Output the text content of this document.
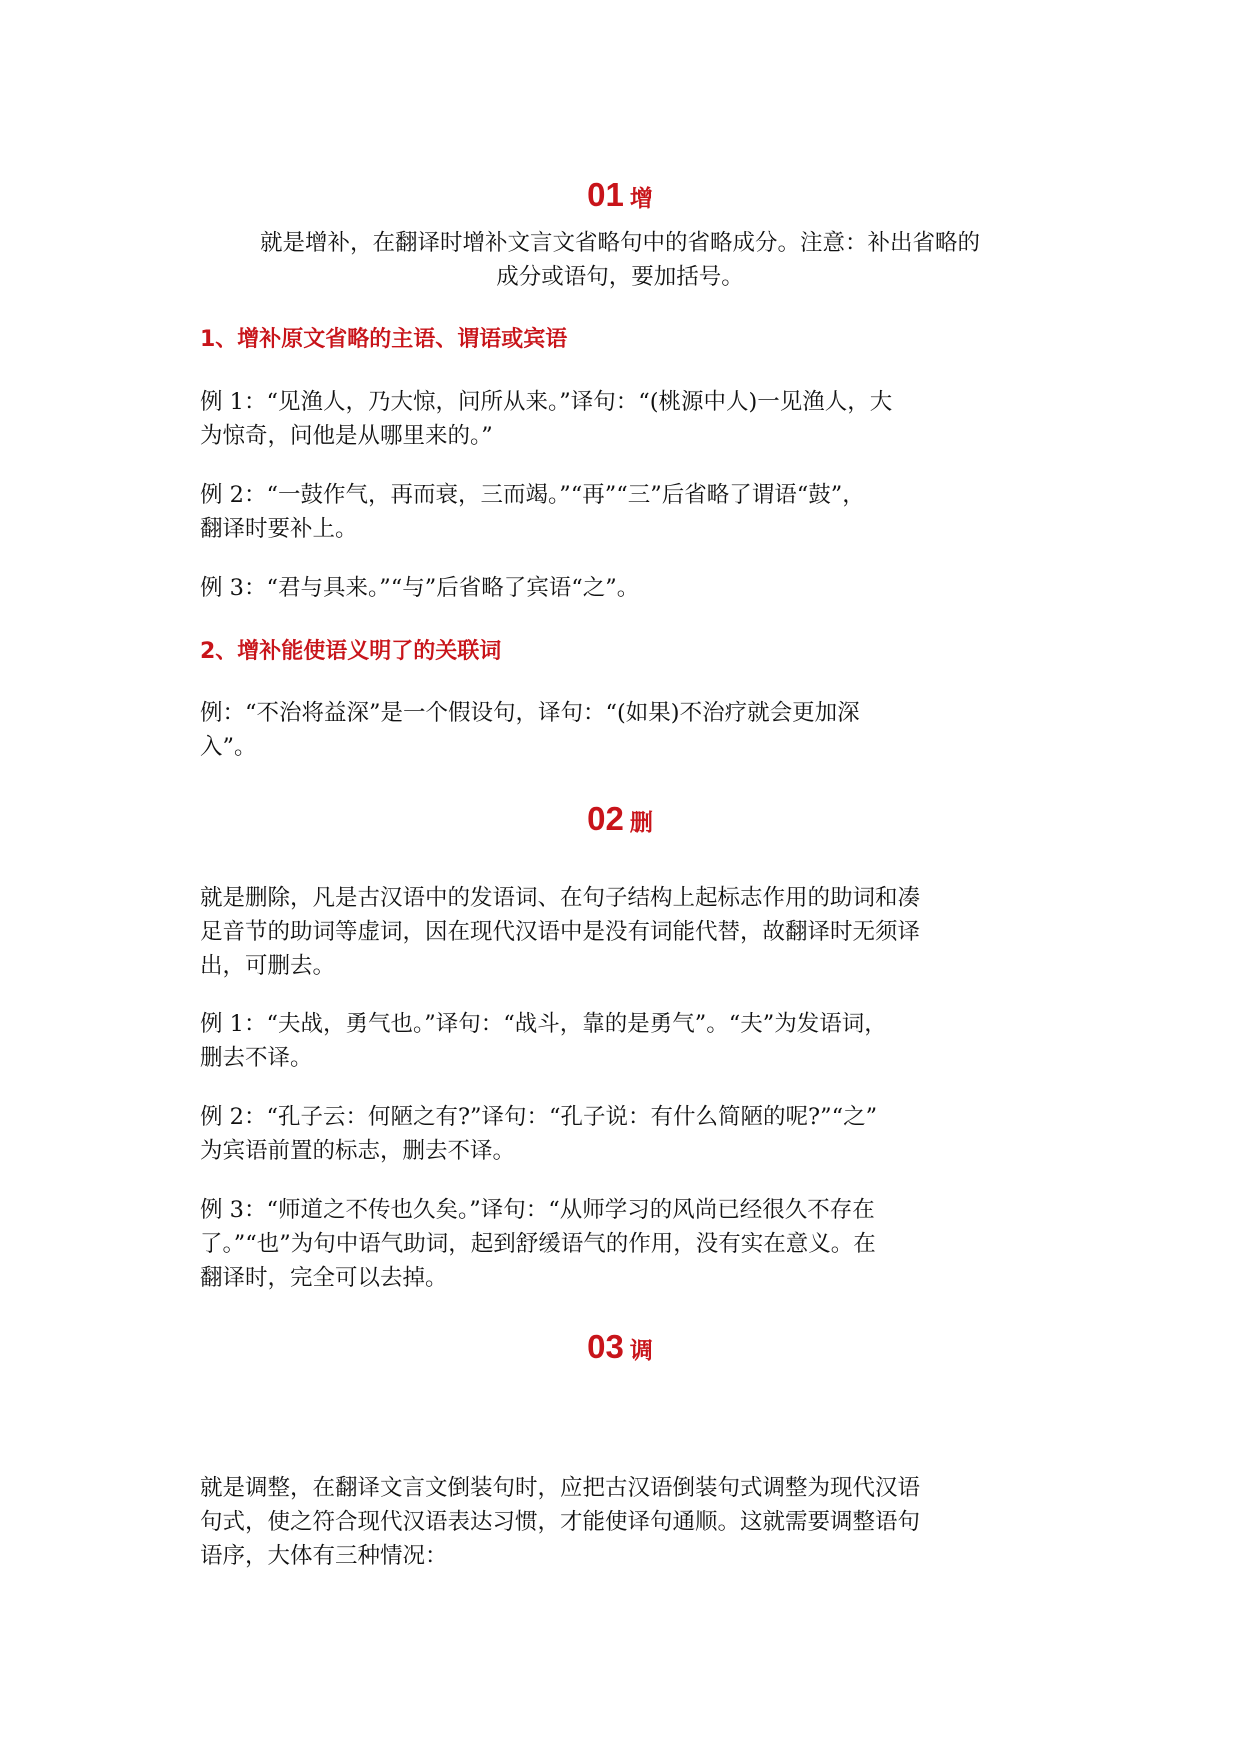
01 增
就是增补，在翻译时增补文言文省略句中的省略成分。注意：补出省略的
成分或语句，要加括号。
1、增补原文省略的主语、谓语或宾语
例 1：“见渔人，乃大惊，问所从来。”译句：“(桃源中人)一见渔人，大
为惊奇，问他是从哪里来的。”
例 2：“一鼓作气，再而衰，三而竭。”“再”“三”后省略了谓语“鼓”，
翻译时要补上。
例 3：“君与具来。”“与”后省略了宾语“之”。
2、增补能使语义明了的关联词
例：“不治将益深”是一个假设句，译句：“(如果)不治疗就会更加深
入”。
02 删
就是删除，凡是古汉语中的发语词、在句子结构上起标志作用的助词和凑
足音节的助词等虚词，因在现代汉语中是没有词能代替，故翻译时无须译
出，可删去。
例 1：“夫战，勇气也。”译句：“战斗，靠的是勇气”。“夫”为发语词，
删去不译。
例 2：“孔子云：何陋之有?”译句：“孔子说：有什么简陋的呢?”“之”
为宾语前置的标志，删去不译。
例 3：“师道之不传也久矣。”译句：“从师学习的风尚已经很久不存在
了。”“也”为句中语气助词，起到舒缓语气的作用，没有实在意义。在
翻译时，完全可以去掉。
03 调
就是调整，在翻译文言文倒装句时，应把古汉语倒装句式调整为现代汉语
句式，使之符合现代汉语表达习惯，才能使译句通顺。这就需要调整语句
语序，大体有三种情况：
